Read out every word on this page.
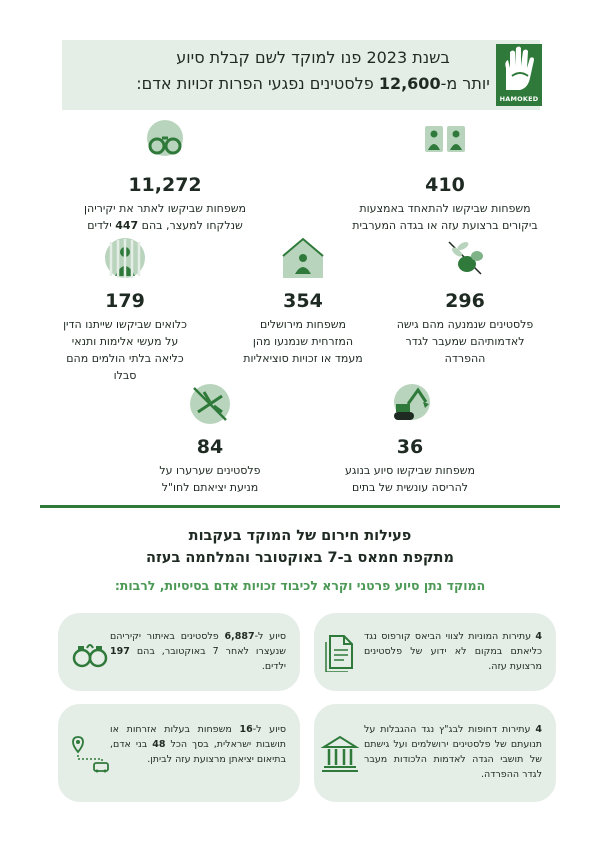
HAMOKED
בשנת 2023 פנו למוקד לשם קבלת סיוע
יותר מ-12,600 פלסטינים נפגעי הפרות זכויות אדם:
410
משפחות שביקשו להתאחד באמצעות
ביקורים ברצועת עזה או בגדה המערבית
11,272
משפחות שביקשו לאתר את יקיריהן
שנלקחו למעצר, בהם 447 ילדים
296
פלסטינים שנמנעה מהם גישה
לאדמותיהם שמעבר לגדר
ההפרדה
354
משפחות מירושלים
המזרחית שנמנעו מהן
מעמד או זכויות סוציאליות
179
כלואים שביקשו שייתנו הדין
על מעשי אלימות ותנאי
כליאה בלתי הולמים מהם
סבלו
36
משפחות שביקשו סיוע בנוגע
להריסה עונשית של בתים
84
פלסטינים שערערו על
מניעת יציאתם לחו"ל
פעילות חירום של המוקד בעקבות
מתקפת חמאס ב-7 באוקטובר והמלחמה בעזה
המוקד נתן סיוע פרטני וקרא לכיבוד זכויות אדם בסיסיות, לרבות:
4 עתירות המוניות לצווי הביאס קורפוס נגד כליאתם במקום לא ידוע של פלסטינים מרצועת עזה.
סיוע ל-6,887 פלסטינים באיתור יקיריהם שנעצרו לאחר 7 באוקטובר, בהם 197 ילדים.
4 עתירות דחופות לבג"ץ נגד ההגבלות על תנועתם של פלסטינים ירושלמים ועל גישתם של תושבי הגדה לאדמות הלכודות מעבר לגדר ההפרדה.
סיוע ל-16 משפחות בעלות אזרחות או תושבות ישראלית, בסך הכל 48 בני אדם, בתיאום יציאתן מרצועת עזה לביתן.
